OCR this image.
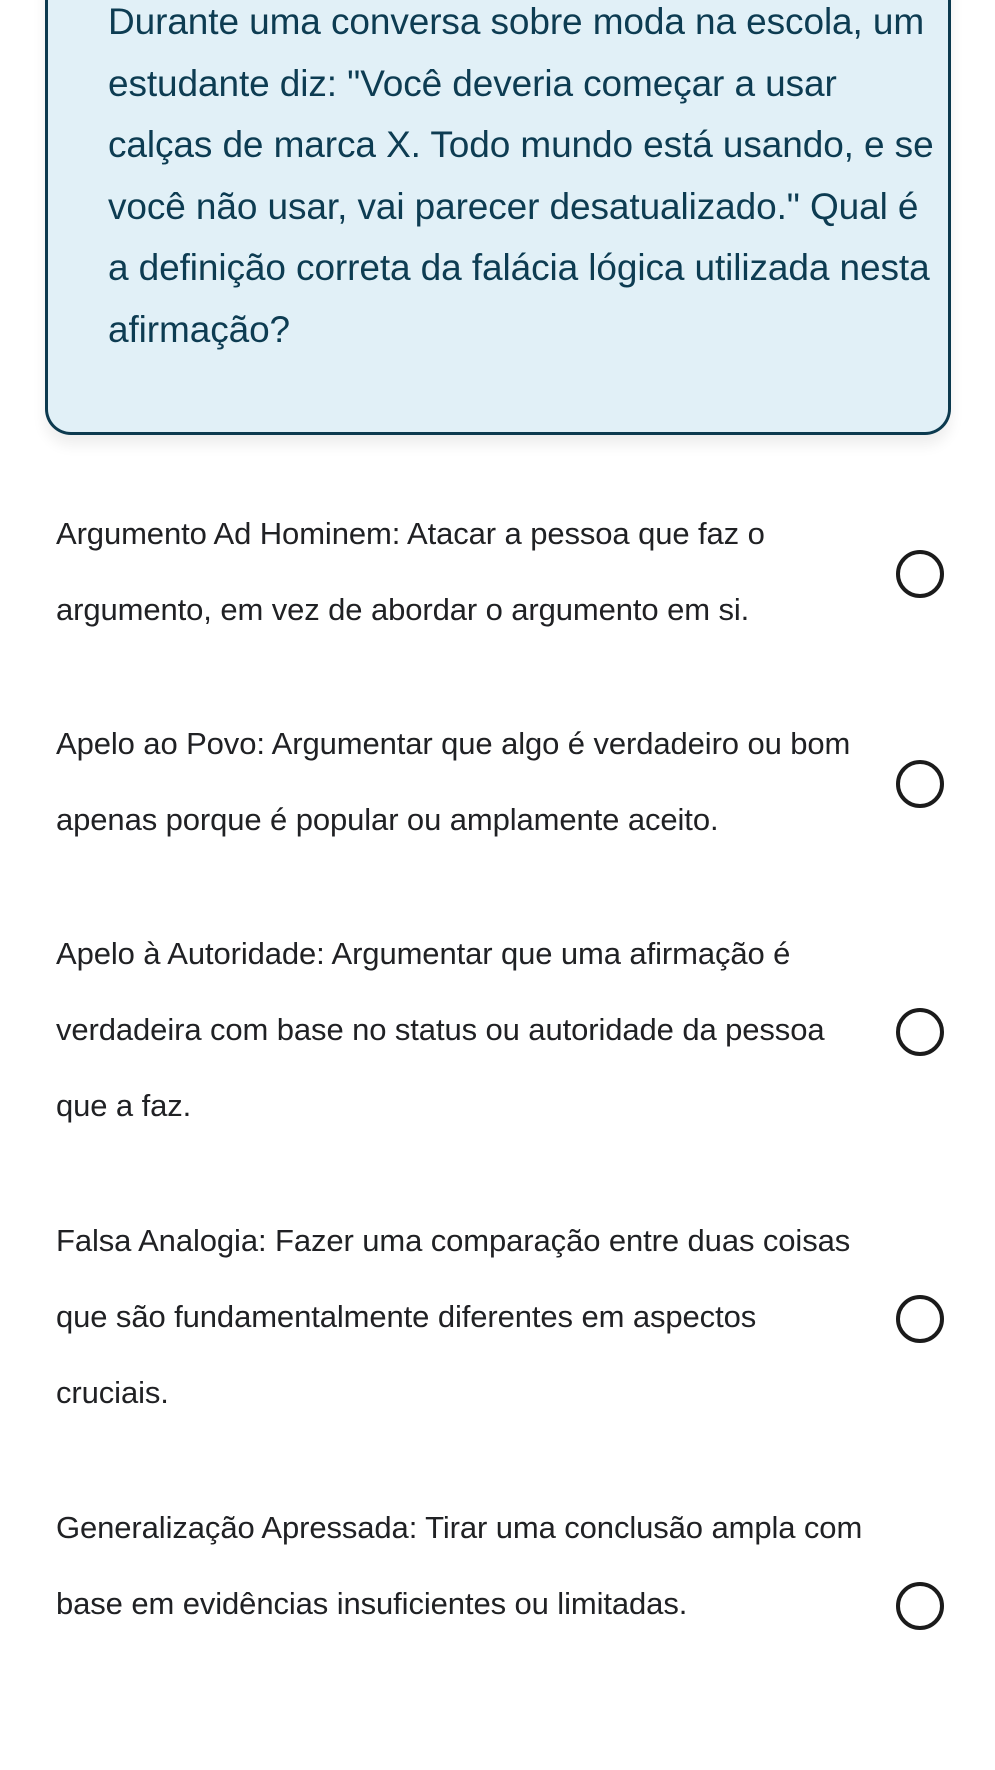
Durante uma conversa sobre moda na escola, um estudante diz: "Você deveria começar a usar calças de marca X. Todo mundo está usando, e se você não usar, vai parecer desatualizado." Qual é a definição correta da falácia lógica utilizada nesta afirmação?

Argumento Ad Hominem: Atacar a pessoa que faz o argumento, em vez de abordar o argumento em si.

Apelo ao Povo: Argumentar que algo é verdadeiro ou bom apenas porque é popular ou amplamente aceito.

Apelo à Autoridade: Argumentar que uma afirmação é verdadeira com base no status ou autoridade da pessoa que a faz.

Falsa Analogia: Fazer uma comparação entre duas coisas que são fundamentalmente diferentes em aspectos cruciais.

Generalização Apressada: Tirar uma conclusão ampla com base em evidências insuficientes ou limitadas.
